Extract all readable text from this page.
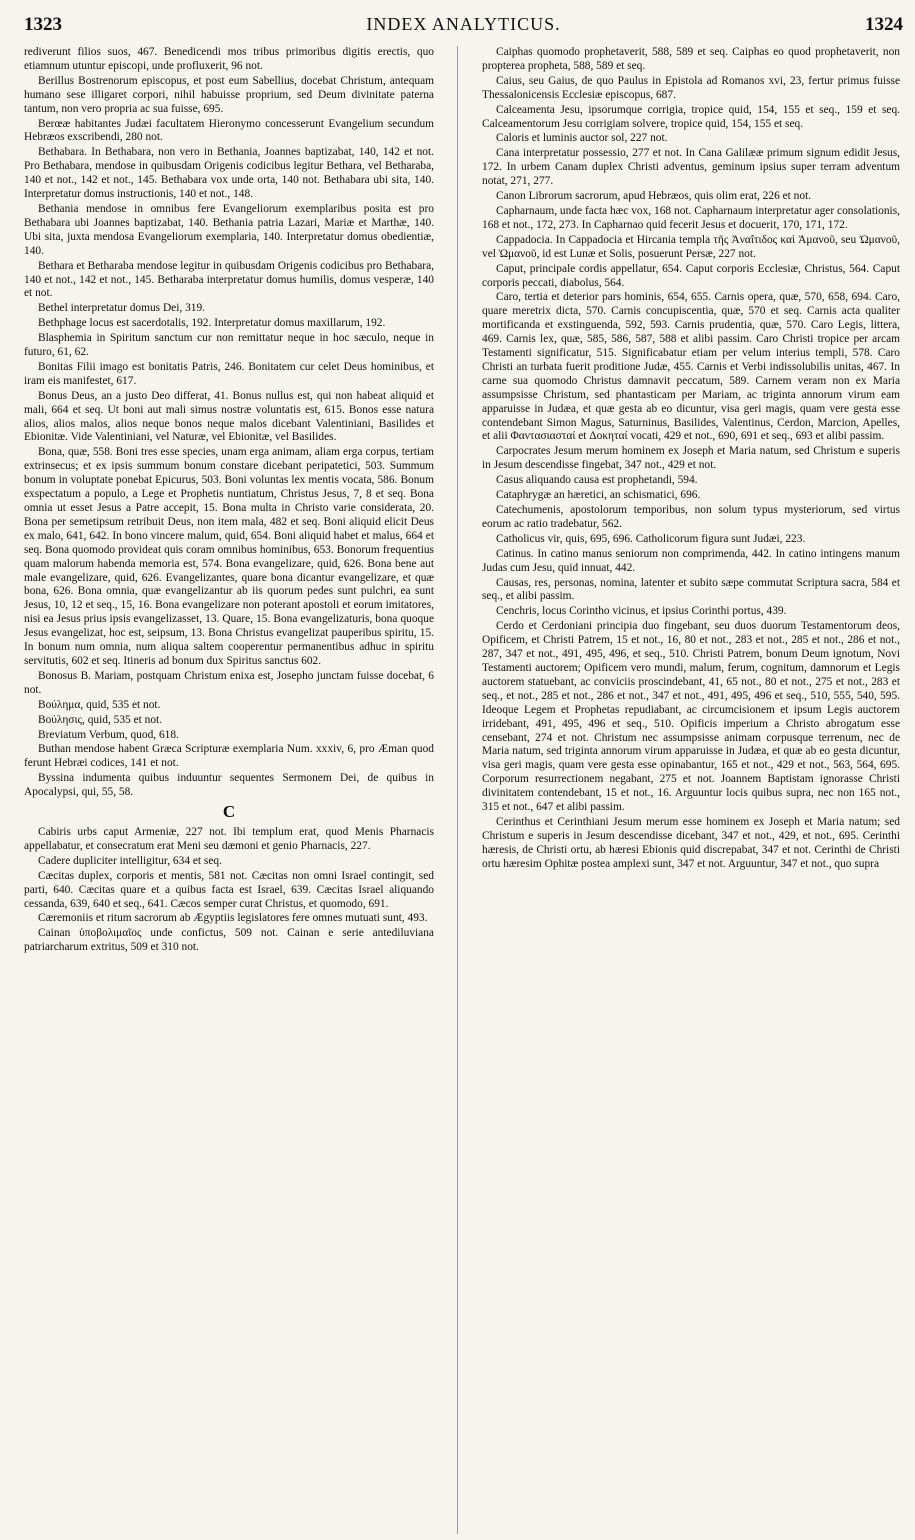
1323	INDEX ANALYTICUS.	1324

rediverunt filios suos, 467. Benedicendi mos tribus primoribus digitis erectis, quo etiamnum utuntur episcopi, unde profluxerit, 96 not.

Berillus Bostrenorum episcopus, et post eum Sabellius, docebat Christum, antequam humano sese illigaret corpori, nihil habuisse proprium, sed Deum divinitate paterna tantum, non vero propria ac sua fuisse, 695.

Berœæ habitantes Judæi facultatem Hieronymo concesserunt Evangelium secundum Hebræos exscribendi, 280 not.

Bethabara. In Bethabara, non vero in Bethania, Joannes baptizabat, 140, 142 et not. Pro Bethabara, mendose in quibusdam Origenis codicibus legitur Bethara, vel Betharaba, 140 et not., 142 et not., 145. Bethabara vox unde orta, 140 not. Bethabara ubi sita, 140. Interpretatur domus instructionis, 140 et not., 148.

Bethania mendose in omnibus fere Evangeliorum exemplaribus posita est pro Bethabara ubi Joannes baptizabat, 140. Bethania patria Lazari, Mariæ et Marthæ, 140. Ubi sita, juxta mendosa Evangeliorum exemplaria, 140. Interpretatur domus obedientiæ, 140.

Bethara et Betharaba mendose legitur in quibusdam Origenis codicibus pro Bethabara, 140 et not., 142 et not., 145. Betharaba interpretatur domus humilis, domus vesperæ, 140 et not.

Bethel interpretatur domus Dei, 319.

Bethphage locus est sacerdotalis, 192. Interpretatur domus maxillarum, 192.

Blasphemia in Spiritum sanctum cur non remittatur neque in hoc sæculo, neque in futuro, 61, 62.

Bonitas Filii imago est bonitatis Patris, 246. Bonitatem cur celet Deus hominibus, et iram eis manifestet, 617.

Bonus Deus, an a justo Deo differat, 41. Bonus nullus est, qui non habeat aliquid et mali, 664 et seq. Ut boni aut mali simus nostræ voluntatis est, 615. Bonos esse natura alios, alios malos, alios neque bonos neque malos dicebant Valentiniani, Basilides et Ebionitæ. Vide Valentiniani, vel Naturæ, vel Ebionitæ, vel Basilides.

Bona, quæ, 558. Boni tres esse species, unam erga animam, aliam erga corpus, tertiam extrinsecus; et ex ipsis summum bonum constare dicebant peripatetici, 503. Summum bonum in voluptate ponebat Epicurus, 503. Boni voluntas lex mentis vocata, 586. Bonum exspectatum a populo, a Lege et Prophetis nuntiatum, Christus Jesus, 7, 8 et seq. Bona omnia ut esset Jesus a Patre accepit, 15. Bona multa in Christo varie considerata, 20. Bona per semetipsum retribuit Deus, non item mala, 482 et seq. Boni aliquid elicit Deus ex malo, 641, 642. In bono vincere malum, quid, 654. Boni aliquid habet et malus, 664 et seq. Bona quomodo provideat quis coram omnibus hominibus, 653. Bonorum frequentius quam malorum habenda memoria est, 574. Bona evangelizare, quid, 626. Bona bene aut male evangelizare, quid, 626. Evangelizantes, quare bona dicantur evangelizare, et quæ bona, 626. Bona omnia, quæ evangelizantur ab iis quorum pedes sunt pulchri, ea sunt Jesus, 10, 12 et seq., 15, 16. Bona evangelizare non poterant apostoli et eorum imitatores, nisi ea Jesus prius ipsis evangelizasset, 13. Quare, 15. Bona evangelizaturis, bona quoque Jesus evangelizat, hoc est, seipsum, 13. Bona Christus evangelizat pauperibus spiritu, 15. In bonum num omnia, num aliqua saltem cooperentur permanentibus adhuc in spiritu servitutis, 602 et seq. Itineris ad bonum dux Spiritus sanctus 602.

Bonosus B. Mariam, postquam Christum enixa est, Josepho junctam fuisse docebat, 6 not.

Βούλημα, quid, 535 et not.

Βούλησις, quid, 535 et not.

Breviatum Verbum, quod, 618.

Buthan mendose habent Græca Scripturæ exemplaria Num. xxxiv, 6, pro Æman quod ferunt Hebræi codices, 141 et not.

Byssina indumenta quibus induuntur sequentes Sermonem Dei, de quibus in Apocalypsi, qui, 55, 58.

C

Cabiris urbs caput Armeniæ, 227 not. Ibi templum erat, quod Menis Pharnacis appellabatur, et consecratum erat Meni seu dæmoni et genio Pharnacis, 227.

Cadere dupliciter intelligitur, 634 et seq.

Cæcitas duplex, corporis et mentis, 581 not. Cæcitas non omni Israel contingit, sed parti, 640. Cæcitas quare et a quibus facta est Israel, 639. Cæcitas Israel aliquando cessanda, 639, 640 et seq., 641. Cæcos semper curat Christus, et quomodo, 691.

Cæremoniis et ritum sacrorum ab Ægyptiis legislatores fere omnes mutuati sunt, 493.

Cainan ὑποβολιμαῖος unde confictus, 509 not. Cainan e serie antediluviana patriarcharum extritus, 509 et 310 not.

Caiphas quomodo prophetaverit, 588, 589 et seq. Caiphas eo quod prophetaverit, non propterea propheta, 588, 589 et seq.

Caius, seu Gaius, de quo Paulus in Epistola ad Romanos xvi, 23, fertur primus fuisse Thessalonicensis Ecclesiæ episcopus, 687.

Calceamenta Jesu, ipsorumque corrigia, tropice quid, 154, 155 et seq., 159 et seq. Calceamentorum Jesu corrigiam solvere, tropice quid, 154, 155 et seq.

Caloris et luminis auctor sol, 227 not.

Cana interpretatur possessio, 277 et not. In Cana Galilææ primum signum edidit Jesus, 172. In urbem Canam duplex Christi adventus, geminum ipsius super terram adventum notat, 271, 277.

Canon Librorum sacrorum, apud Hebræos, quis olim erat, 226 et not.

Capharnaum, unde facta hæc vox, 168 not. Capharnaum interpretatur ager consolationis, 168 et not., 172, 273. In Capharnao quid fecerit Jesus et docuerit, 170, 171, 172.

Cappadocia. In Cappadocia et Hircania templa τῆς Ἀναΐτιδος καὶ Ἀμανοῦ, seu Ὠμανοῦ, vel Ὡμανοῦ, id est Lunæ et Solis, posuerunt Persæ, 227 not.

Caput, principale cordis appellatur, 654. Caput corporis Ecclesiæ, Christus, 564. Caput corporis peccati, diabolus, 564.

Caro, tertia et deterior pars hominis, 654, 655. Carnis opera, quæ, 570, 658, 694. Caro, quare meretrix dicta, 570. Carnis concupiscentia, quæ, 570 et seq. Carnis acta qualiter mortificanda et exstinguenda, 592, 593. Carnis prudentia, quæ, 570. Caro Legis, littera, 469. Carnis lex, quæ, 585, 586, 587, 588 et alibi passim. Caro Christi tropice per arcam Testamenti significatur, 515. Significabatur etiam per velum interius templi, 578. Caro Christi an turbata fuerit proditione Judæ, 455. Carnis et Verbi indissolubilis unitas, 467. In carne sua quomodo Christus damnavit peccatum, 589. Carnem veram non ex Maria assumpsisse Christum, sed phantasticam per Mariam, ac triginta annorum virum eam apparuisse in Judæa, et quæ gesta ab eo dicuntur, visa geri magis, quam vere gesta esse contendebant Simon Magus, Saturninus, Basilides, Valentinus, Cerdon, Marcion, Apelles, et alii Φαντασιασταί et Δοκηταί vocati, 429 et not., 690, 691 et seq., 693 et alibi passim.

Carpocrates Jesum merum hominem ex Joseph et Maria natum, sed Christum e superis in Jesum descendisse fingebat, 347 not., 429 et not.

Casus aliquando causa est prophetandi, 594.

Cataphrygæ an hæretici, an schismatici, 696.

Catechumenis, apostolorum temporibus, non solum typus mysteriorum, sed virtus eorum ac ratio tradebatur, 562.

Catholicus vir, quis, 695, 696. Catholicorum figura sunt Judæi, 223.

Catinus. In catino manus seniorum non comprimenda, 442. In catino intingens manum Judas cum Jesu, quid innuat, 442.

Causas, res, personas, nomina, latenter et subito sæpe commutat Scriptura sacra, 584 et seq., et alibi passim.

Cenchris, locus Corintho vicinus, et ipsius Corinthi portus, 439.

Cerdo et Cerdoniani principia duo fingebant, seu duos duorum Testamentorum deos, Opificem, et Christi Patrem, 15 et not., 16, 80 et not., 283 et not., 285 et not., 286 et not., 287, 347 et not., 491, 495, 496, et seq., 510. Christi Patrem, bonum Deum ignotum, Novi Testamenti auctorem; Opificem vero mundi, malum, ferum, cognitum, damnorum et Legis auctorem statuebant, ac conviciis proscindebant, 41, 65 not., 80 et not., 275 et not., 283 et seq., et not., 285 et not., 286 et not., 347 et not., 491, 495, 496 et seq., 510, 555, 540, 595. Ideoque Legem et Prophetas repudiabant, ac circumcisionem et ipsum Legis auctorem irridebant, 491, 495, 496 et seq., 510. Opificis imperium a Christo abrogatum esse censebant, 274 et not. Christum nec assumpsisse animam corpusque terrenum, nec de Maria natum, sed triginta annorum virum apparuisse in Judæa, et quæ ab eo gesta dicuntur, visa geri magis, quam vere gesta esse opinabantur, 165 et not., 429 et not., 563, 564, 695. Corporum resurrectionem negabant, 275 et not. Joannem Baptistam ignorasse Christi divinitatem contendebant, 15 et not., 16. Arguuntur locis quibus supra, nec non 165 not., 315 et not., 647 et alibi passim.

Cerinthus et Cerinthiani Jesum merum esse hominem ex Joseph et Maria natum; sed Christum e superis in Jesum descendisse dicebant, 347 et not., 429, et not., 695. Cerinthi hæresis, de Christi ortu, ab hæresi Ebionis quid discrepabat, 347 et not. Cerinthi de Christi ortu hæresim Ophitæ postea amplexi sunt, 347 et not. Arguuntur, 347 et not., quo supra
